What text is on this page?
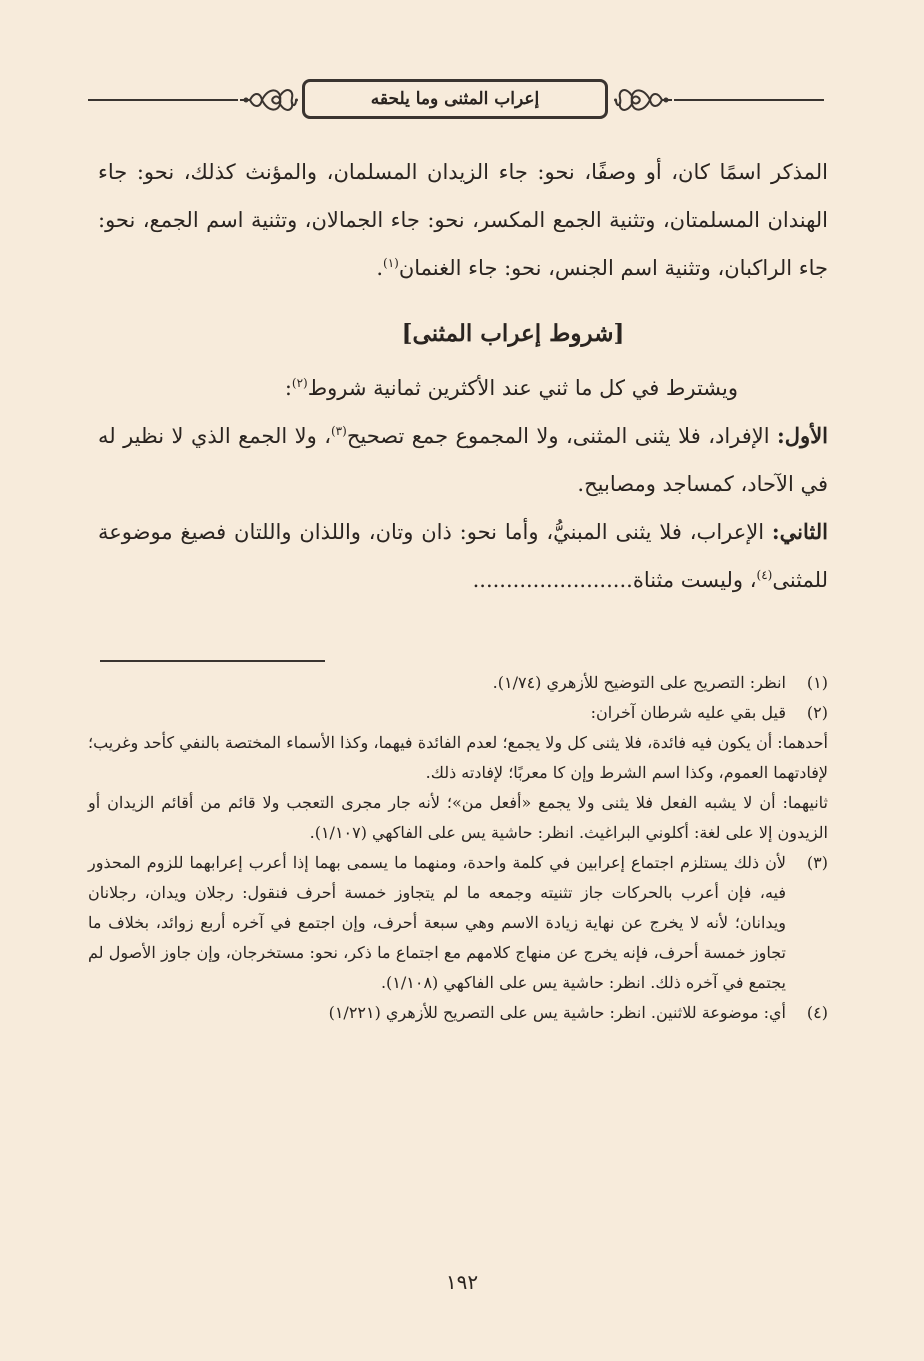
إعراب المثنى وما يلحقه

المذكر اسمًا كان، أو وصفًا، نحو: جاء الزيدان المسلمان، والمؤنث كذلك، نحو: جاء الهندان المسلمتان، وتثنية الجمع المكسر، نحو: جاء الجمالان، وتثنية اسم الجمع، نحو: جاء الراكبان، وتثنية اسم الجنس، نحو: جاء الغنمان$^{(١)}$.

[شروط إعراب المثنى]

ويشترط في كل ما ثني عند الأكثرين ثمانية شروط$^{(٢)}$:

الأول: الإفراد، فلا يثنى المثنى، ولا المجموع جمع تصحيح$^{(٣)}$، ولا الجمع الذي لا نظير له في الآحاد، كمساجد ومصابيح.

الثاني: الإعراب، فلا يثنى المبنيُّ، وأما نحو: ذان وتان، واللذان واللتان فصيغ موضوعة للمثنى$^{(٤)}$، وليست مثناة........................

(١)
انظر: التصريح على التوضيح للأزهري (١/٧٤).
(٢)
قيل بقي عليه شرطان آخران:

أحدهما: أن يكون فيه فائدة، فلا يثنى كل ولا يجمع؛ لعدم الفائدة فيهما، وكذا الأسماء المختصة بالنفي كأحد وغريب؛ لإفادتهما العموم، وكذا اسم الشرط وإن كا معربًا؛ لإفادته ذلك.

ثانيهما: أن لا يشبه الفعل فلا يثنى ولا يجمع «أفعل من»؛ لأنه جار مجرى التعجب ولا قائم من أقائم الزيدان أو الزيدون إلا على لغة: أكلوني البراغيث. انظر: حاشية يس على الفاكهي (١/١٠٧).

(٣)
لأن ذلك يستلزم اجتماع إعرابين في كلمة واحدة، ومنهما ما يسمى بهما إذا أعرب إعرابهما للزوم المحذور فيه، فإن أعرب بالحركات جاز تثنيته وجمعه ما لم يتجاوز خمسة أحرف فنقول: رجلان ويدان، رجلانان ويدانان؛ لأنه لا يخرج عن نهاية زيادة الاسم وهي سبعة أحرف، وإن اجتمع في آخره أربع زوائد، بخلاف ما تجاوز خمسة أحرف، فإنه يخرج عن منهاج كلامهم مع اجتماع ما ذكر، نحو: مستخرجان، وإن جاوز الأصول لم يجتمع في آخره ذلك. انظر: حاشية يس على الفاكهي (١/١٠٨).
(٤)
أي: موضوعة للاثنين. انظر: حاشية يس على التصريح للأزهري (١/٢٢١)
١٩٢
